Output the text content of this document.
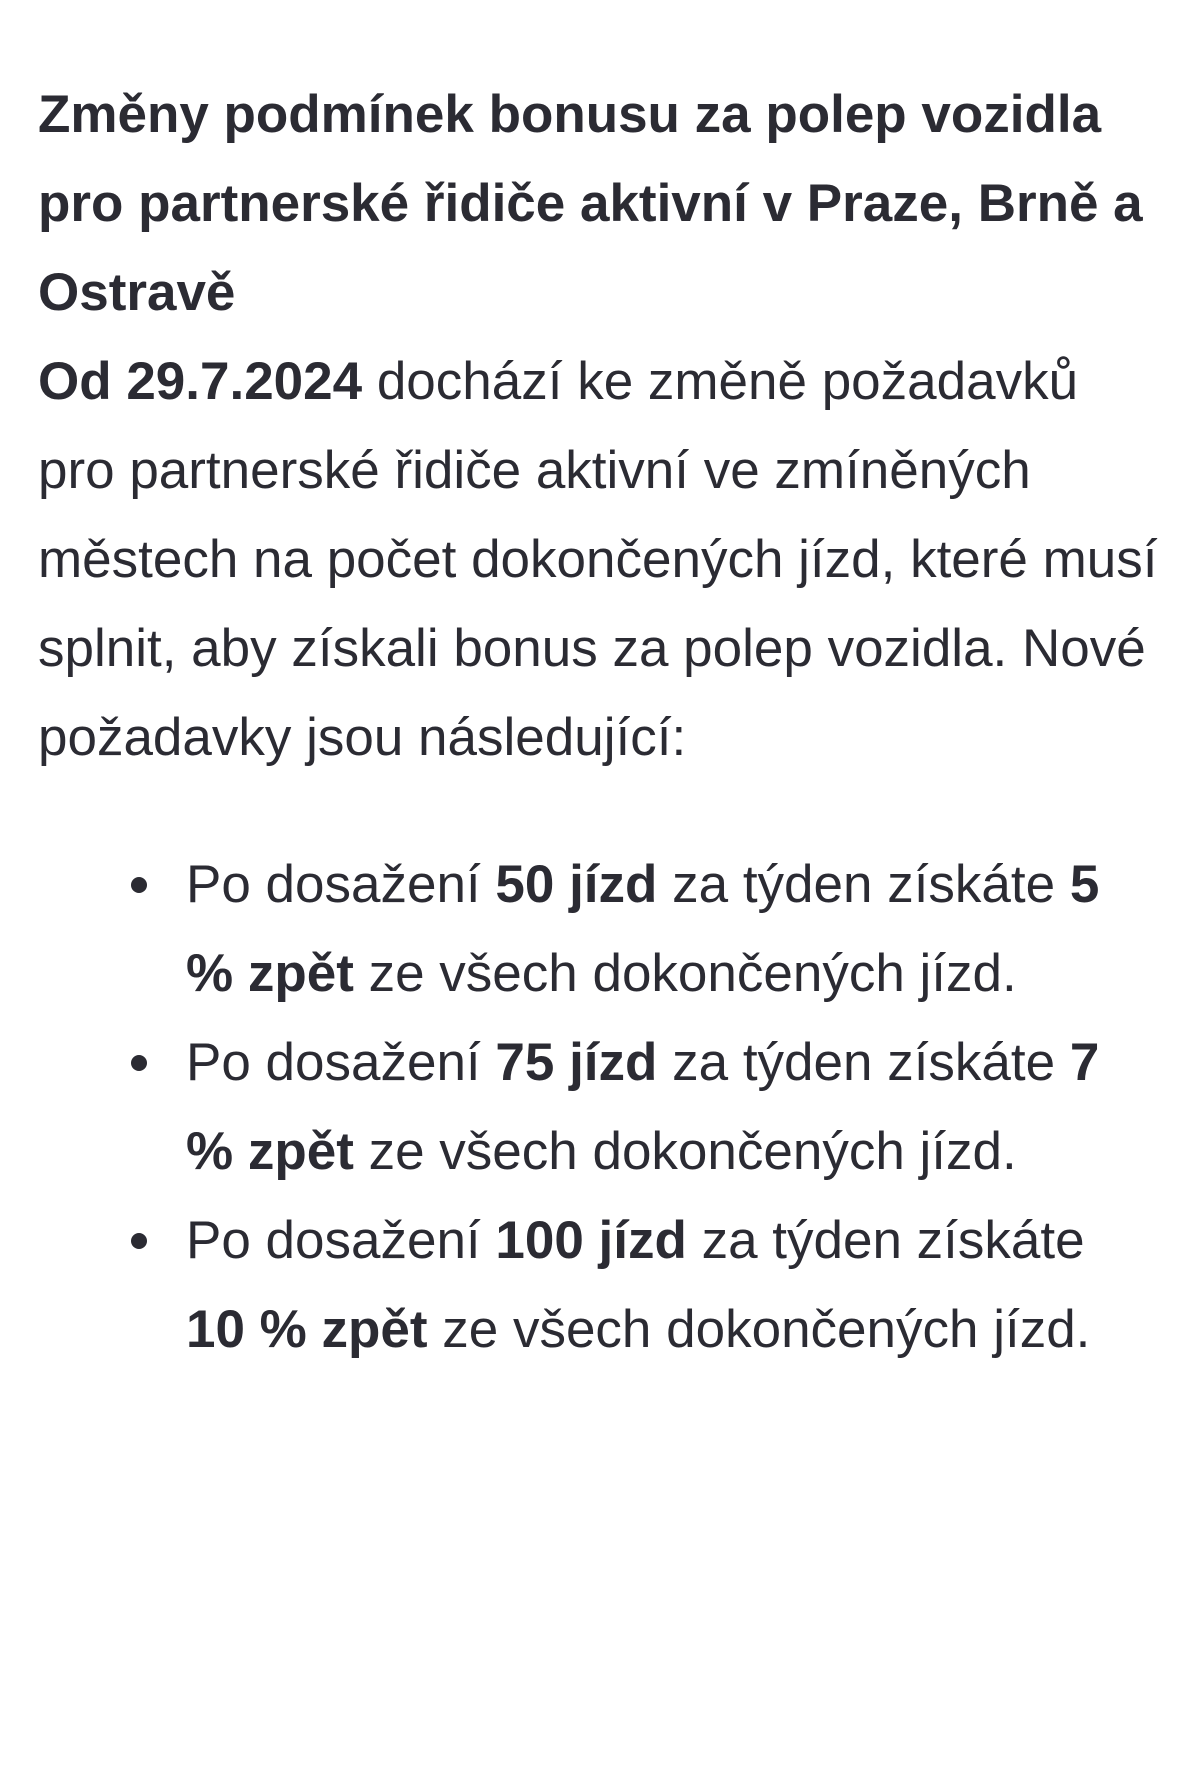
Změny podmínek bonusu za polep vozidla pro partnerské řidiče aktivní v Praze, Brně a Ostravě

Od 29.7.2024 dochází ke změně požadavků pro partnerské řidiče aktivní ve zmíněných městech na počet dokončených jízd, které musí splnit, aby získali bonus za polep vozidla. Nové požadavky jsou následující:

Po dosažení 50 jízd za týden získáte 5 % zpět ze všech dokončených jízd.
Po dosažení 75 jízd za týden získáte 7 % zpět ze všech dokončených jízd.
Po dosažení 100 jízd za týden získáte 10 % zpět ze všech dokončených jízd.
